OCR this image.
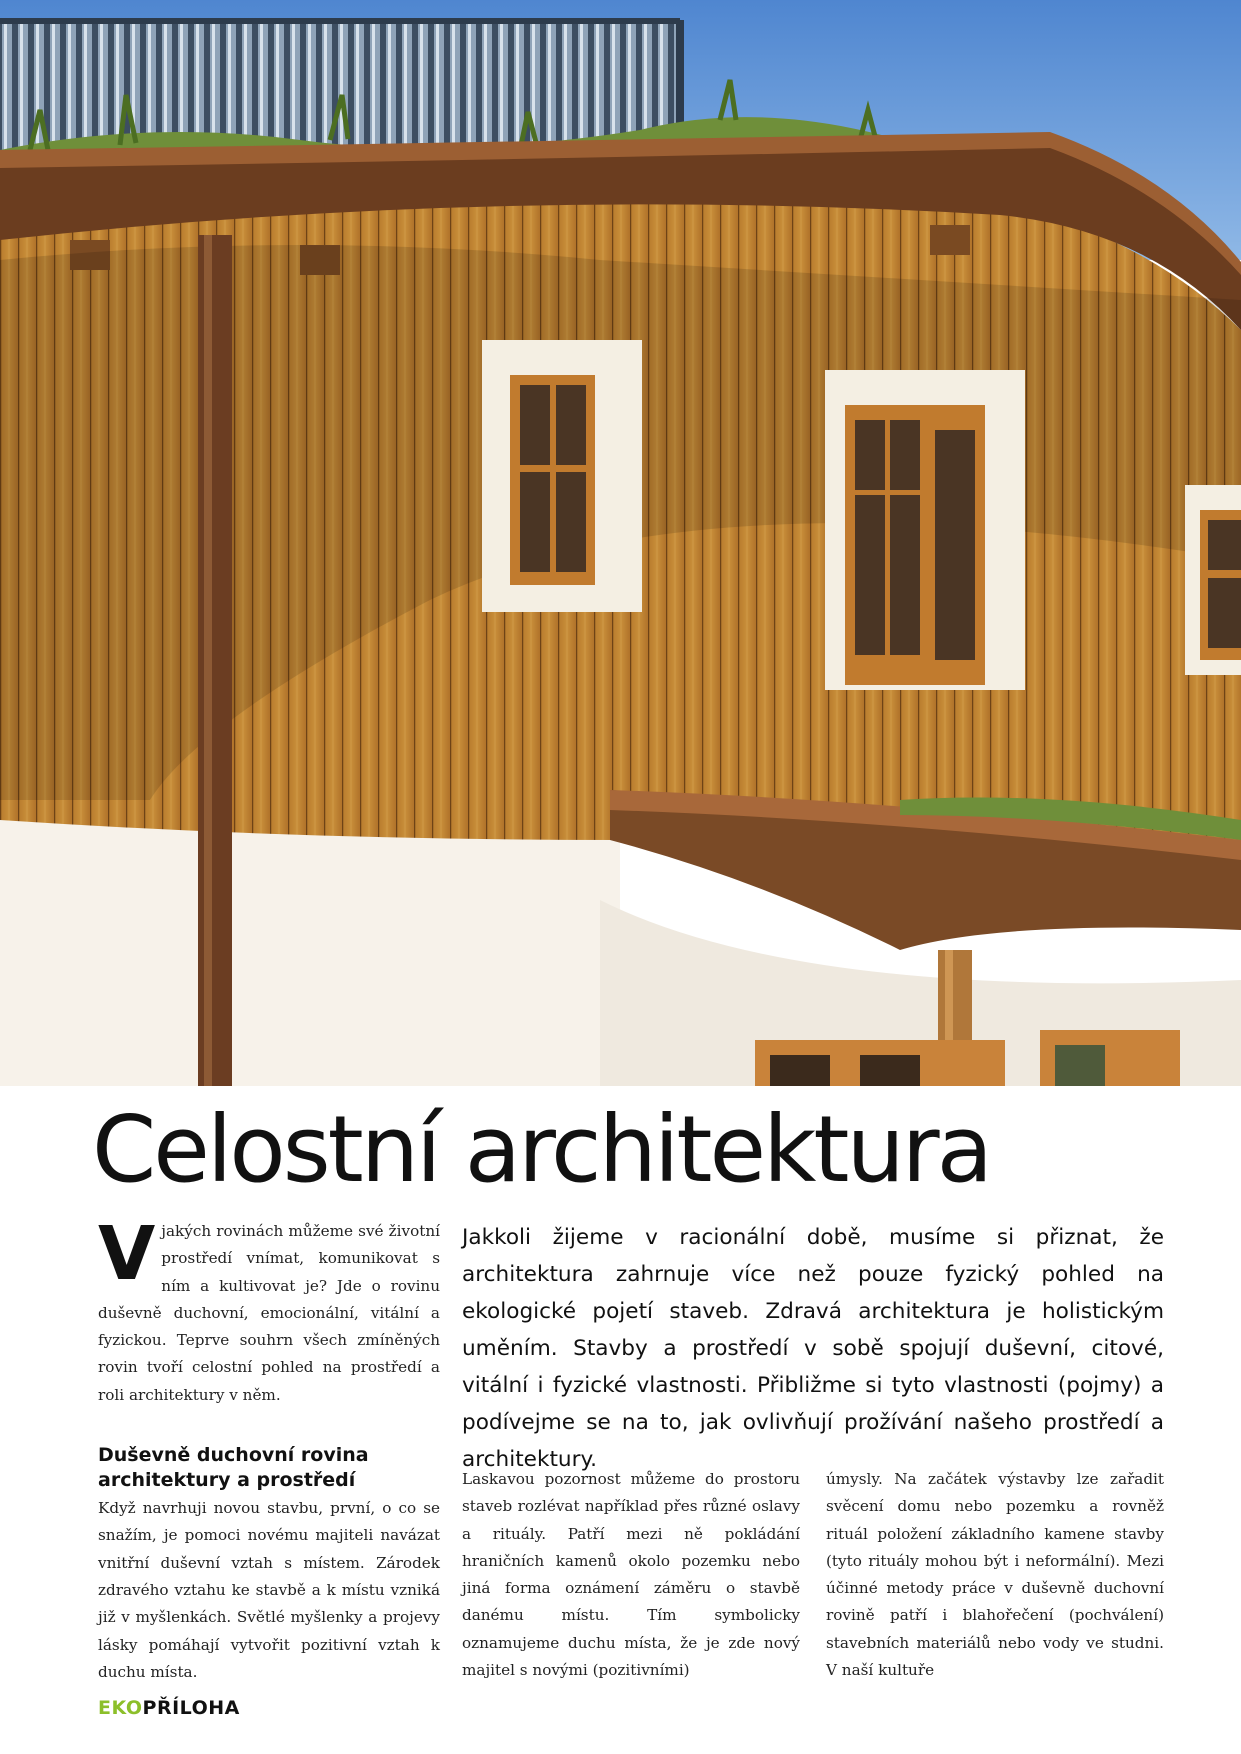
Celostní architektura

Vjakých rovinách můžeme své životní prostředí vnímat, komunikovat s ním a kultivovat je? Jde o rovinu duševně duchovní, emocionální, vitální a fyzickou. Teprve souhrn všech zmíněných rovin tvoří celostní pohled na prostředí a roli architektury v něm.

Duševně duchovní rovina architektury a prostředí

Když navrhuji novou stavbu, první, o co se snažím, je pomoci novému majiteli navázat vnitřní duševní vztah s místem. Zárodek zdravého vztahu ke stavbě a k místu vzniká již v myšlenkách. Světlé myšlenky a projevy lásky pomáhají vytvořit pozitivní vztah k duchu místa.

Jakkoli žijeme v racionální době, musíme si přiznat, že architektura zahrnuje více než pouze fyzický pohled na ekologické pojetí staveb. Zdravá architektura je holistickým uměním. Stavby a prostředí v sobě spojují duševní, citové, vitální i fyzické vlastnosti. Přibližme si tyto vlastnosti (pojmy) a podívejme se na to, jak ovlivňují prožívání našeho prostředí a architektury.

Laskavou pozornost můžeme do prostoru staveb rozlévat například přes různé oslavy a rituály. Patří mezi ně pokládání hraničních kamenů okolo pozemku nebo jiná forma oznámení záměru o stavbě danému místu. Tím symbolicky oznamujeme duchu místa, že je zde nový majitel s novými (pozitivními)

úmysly. Na začátek výstavby lze zařadit svěcení domu nebo pozemku a rovněž rituál položení základního kamene stavby (tyto rituály mohou být i neformální). Mezi účinné metody práce v duševně duchovní rovině patří i blahořečení (pochválení) stavebních materiálů nebo vody ve studni. V naší kultuře

EKOPŘÍLOHA
